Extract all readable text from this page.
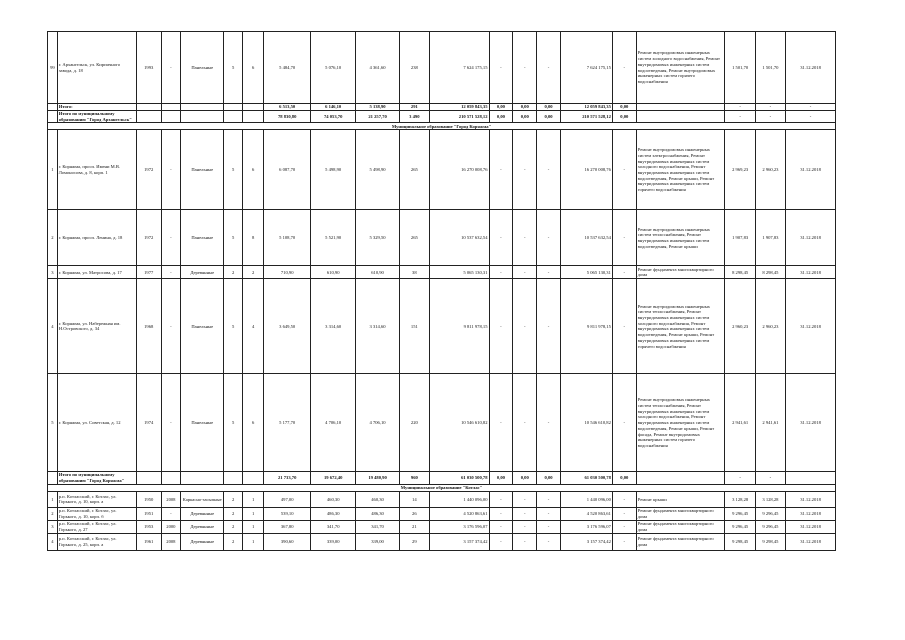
99	г. Архангельск, ул. Кирпичного завода, д. 18	1993	-	Панельные	5	6	5 484,70	5 076,10	4 361,60	238	7 624 175,15	-	-	-	7 624 175,15	-	Ремонт внутридомовых инженерных систем холодного водоснабжения, Ремонт внутридомовых инженерных систем водоотведения, Ремонт внутридомовых инженерных систем горячего водоснабжения	1 501,70	1 501,70	31.12.2018
	Итого:						6 513,50	6 146,10	5 138,90	291	12 059 843,35	0,00	0,00	0,00	12 059 843,35	0,00		-	-	-
	Итого по муниципальному образованию "Город Архангельск"						78 830,80	74 053,70	21 257,70	3 490	210 571 528,12	0,00	0,00	0,00	210 571 528,12	0,00		-	-	-
Муниципальное образование "Город Коряжма"																				
1	г. Коряжма, просп. Имени М.В. Ломоносова, д. 8, корп. 1	1972	-	Панельные	5	6	6 087,70	5 498,90	5 498,90	265	16 270 008,76	-	-	-	16 270 008,76	-	Ремонт внутридомовых инженерных систем электроснабжения, Ремонт внутридомовых инженерных систем холодного водоснабжения, Ремонт внутридомовых инженерных систем водоотведения, Ремонт крыши, Ремонт внутридомовых инженерных систем горячего водоснабжения	2 969,23	2 960,23	31.12.2018
2	г. Коряжма, просп. Ленина, д. 18	1972	-	Панельные	5	8	5 108,70	5 521,90	5 329,50	265	10 537 632,54	-	-	-	10 537 632,54	-	Ремонт внутридомовых инженерных систем теплоснабжения, Ремонт внутридомовых инженерных систем водоотведения, Ремонт крыши	1 907,83	1 907,83	31.12.2018
3	г. Коряжма, ул. Матросова, д. 17	1977	-	Деревянные	2	2	710,90	610,90	610,90	38	5 065 130,31	-	-	-	5 065 130,31	-	Ремонт фундамента многоквартирного дома	8 298,45	8 298,45	31.12.2018
4	г. Коряжма, ул. Набережная им. Н.Островского, д. 34	1968	-	Панельные	5	4	3 649,50	3 314,60	3 314,60	151	9 811 978,15	-	-	-	9 811 978,15	-	Ремонт внутридомовых инженерных систем теплоснабжения, Ремонт внутридомовых инженерных систем холодного водоснабжения, Ремонт внутридомовых инженерных систем водоотведения, Ремонт крыши, Ремонт внутридомовых инженерных систем горячего водоснабжения	2 960,23	2 960,23	31.12.2018
5	г. Коряжма, ул. Советская, д. 12	1974	-	Панельные	5	6	5 177,70	4 706,10	4 706,10	220	10 546 610,82	-	-	-	10 546 610,82	-	Ремонт внутридомовых инженерных систем теплоснабжения, Ремонт внутридомовых инженерных систем холодного водоснабжения, Ремонт внутридомовых инженерных систем водоотведения, Ремонт крыши, Ремонт фасада, Ремонт внутридомовых инженерных систем горячего водоснабжения	2 941,61	2 941,61	31.12.2018
	Итого по муниципальному образованию "Город Коряжма"						21 733,70	19 672,40	19 480,90	960	61 030 500,78	0,00	0,00	0,00	61 030 500,78	0,00		-	-	
Муниципальное образование "Котлас"																				
1	р.п. Котласский, г. Котлас, ул. Горького, д. 10, корп. а	1950	2008	Каркасно-засыпные	2	1	497,00	460,30	460,30	14	1 440 096,00	-	-	-	1 440 096,00	-	Ремонт крыши	3 128,28	3 128,28	31.12.2018
2	р.п. Котласский, г. Котлас, ул. Горького, д. 10, корп. б	1951	-	Деревянные	2	1	539,10	486,30	486,30	26	4 520 863,61	-	-	-	4 520 863,61	-	Ремонт фундамента многоквартирного дома	9 296,45	9 296,45	31.12.2018
3	р.п. Котласский, г. Котлас, ул. Горького, д. 27	1953	2000	Деревянные	2	1	367,80	341,70	341,70	21	3 176 596,07	-	-	-	3 176 596,07	-	Ремонт фундамента многоквартирного дома	9 296,45	9 296,45	31.12.2018
4	р.п. Котласский, г. Котлас, ул. Горького, д. 25, корп. а	1961	2008	Деревянные	2	1	390,60	339,00	339,00	29	3 157 374,42	-	-	-	3 157 374,42	-	Ремонт фундамента многоквартирного дома	9 298,45	9 298,45	31.12.2018
